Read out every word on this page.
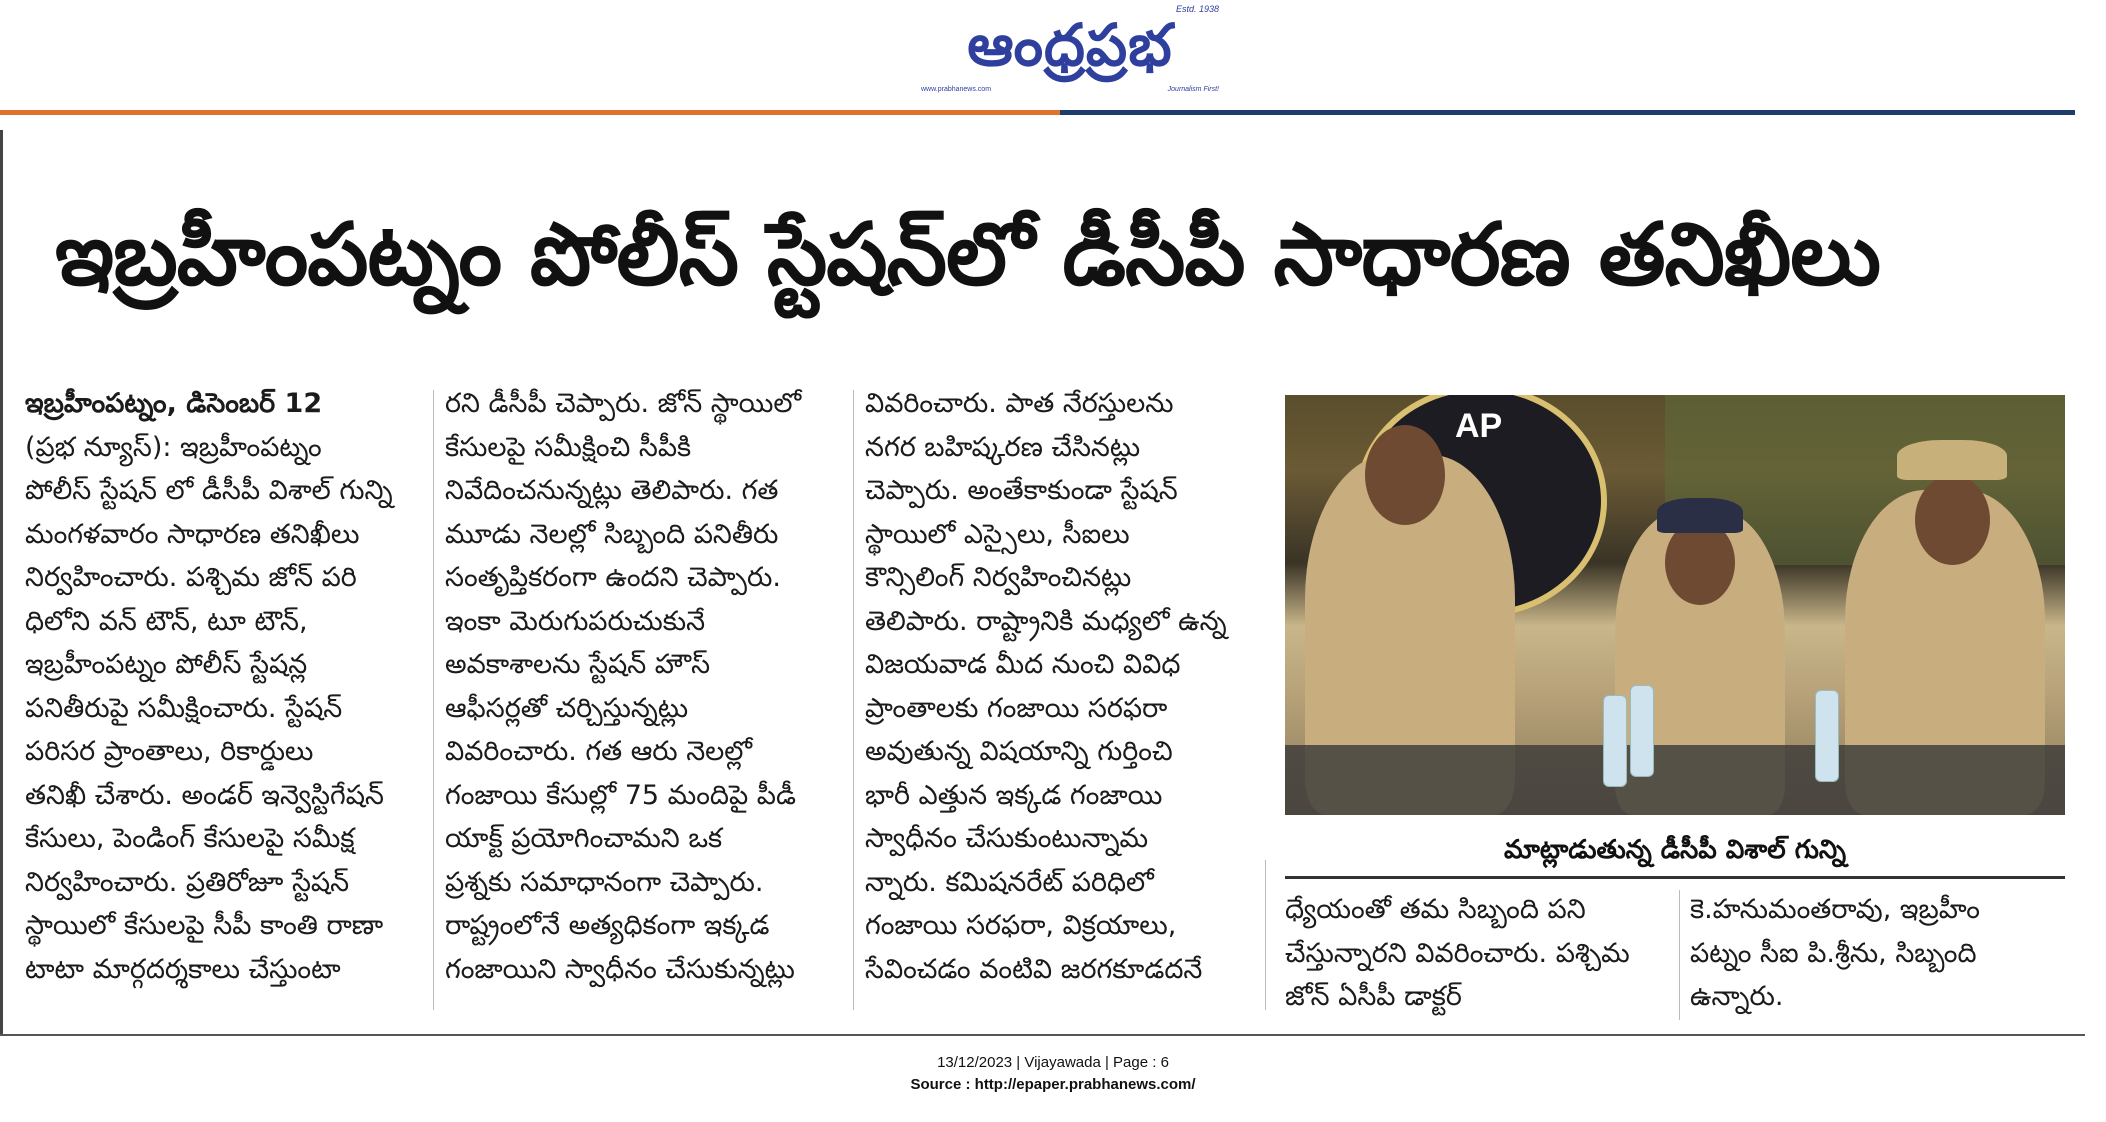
Estd. 1938
ఆంధ్రప్రభ
www.prabhanews.com	Journalism First!
ఇబ్రహీంపట్నం పోలీస్ స్టేషన్‌లో డీసీపీ సాధారణ తనిఖీలు
ఇబ్రహీంపట్నం, డిసెంబర్ 12
(ప్రభ న్యూస్): ఇబ్రహీంపట్నం
పోలీస్ స్టేషన్ లో డీసీపీ విశాల్ గున్ని
మంగళవారం సాధారణ తనిఖీలు
నిర్వహించారు. పశ్చిమ జోన్ పరి
ధిలోని వన్ టౌన్, టూ టౌన్,
ఇబ్రహీంపట్నం పోలీస్ స్టేషన్ల
పనితీరుపై సమీక్షించారు. స్టేషన్
పరిసర ప్రాంతాలు, రికార్డులు
తనిఖీ చేశారు. అండర్ ఇన్వెస్టిగేషన్
కేసులు, పెండింగ్ కేసులపై సమీక్ష
నిర్వహించారు. ప్రతిరోజూ స్టేషన్
స్థాయిలో కేసులపై సీపీ కాంతి రాణా
టాటా మార్గదర్శకాలు చేస్తుంటా
రని డీసీపీ చెప్పారు. జోన్ స్థాయిలో
కేసులపై సమీక్షించి సీపీకి
నివేదించనున్నట్లు తెలిపారు. గత
మూడు నెలల్లో సిబ్బంది పనితీరు
సంతృప్తికరంగా ఉందని చెప్పారు.
ఇంకా మెరుగుపరుచుకునే
అవకాశాలను స్టేషన్ హౌస్
ఆఫీసర్లతో చర్చిస్తున్నట్లు
వివరించారు. గత ఆరు నెలల్లో
గంజాయి కేసుల్లో 75 మందిపై పీడీ
యాక్ట్ ప్రయోగించామని ఒక
ప్రశ్నకు సమాధానంగా చెప్పారు.
రాష్ట్రంలోనే అత్యధికంగా ఇక్కడ
గంజాయిని స్వాధీనం చేసుకున్నట్లు
వివరించారు. పాత నేరస్తులను
నగర బహిష్కరణ చేసినట్లు
చెప్పారు. అంతేకాకుండా స్టేషన్
స్థాయిలో ఎస్సైలు, సీఐలు
కౌన్సిలింగ్ నిర్వహించినట్లు
తెలిపారు. రాష్ట్రానికి మధ్యలో ఉన్న
విజయవాడ మీద నుంచి వివిధ
ప్రాంతాలకు గంజాయి సరఫరా
అవుతున్న విషయాన్ని గుర్తించి
భారీ ఎత్తున ఇక్కడ గంజాయి
స్వాధీనం చేసుకుంటున్నామ
న్నారు. కమిషనరేట్ పరిధిలో
గంజాయి సరఫరా, విక్రయాలు,
సేవించడం వంటివి జరగకూడదనే
AP
మాట్లాడుతున్న డీసీపీ విశాల్ గున్ని
ధ్యేయంతో తమ సిబ్బంది పని
చేస్తున్నారని వివరించారు. పశ్చిమ
జోన్ ఏసీపీ డాక్టర్
కె.హనుమంతరావు, ఇబ్రహీం
పట్నం సీఐ పి.శ్రీను, సిబ్బంది
ఉన్నారు.
13/12/2023 | Vijayawada | Page : 6
Source : http://epaper.prabhanews.com/
